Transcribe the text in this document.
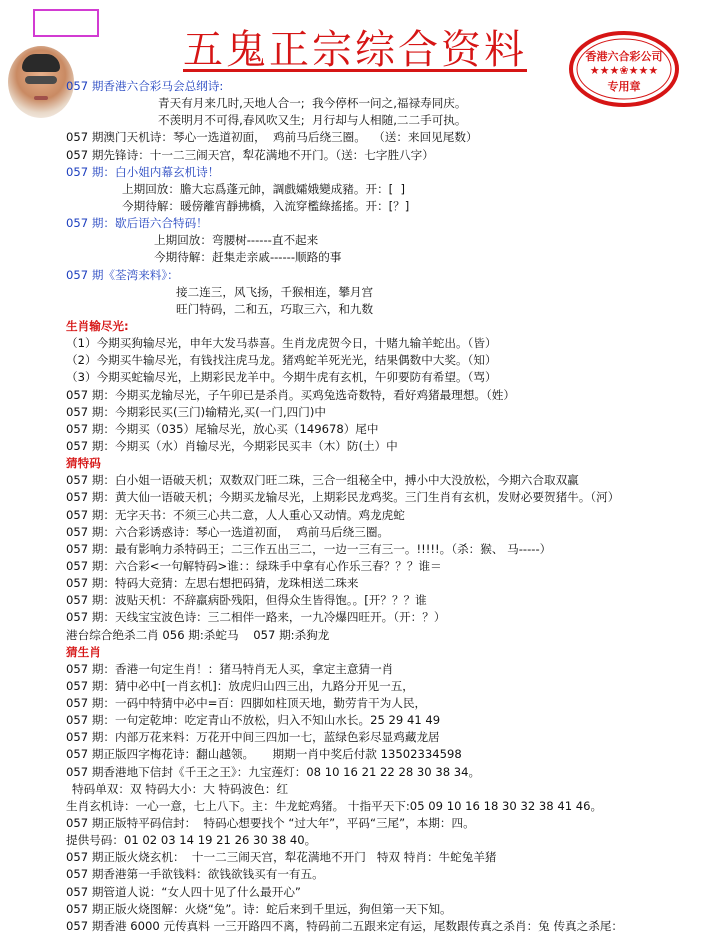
五鬼正宗综合资料	香港六合彩公司
★★★❀★★★
专用章
057 期香港六合彩马会总纲诗:
青天有月来几时,天地人合一;  我今停杯一问之,福禄寿同庆。
不羡明月不可得,春风吹又生;  月行却与人相随,二二手可执。
057 期澳门天机诗：琴心一选道初面，  鸡前马后绕三圈。  （送：来回见尾数）
057 期先锋诗：十一二三闹天宫，犁花满地不开门。（送：七字胜八字）
057 期：白小姐内幕玄机诗！
上期回放：膽大忘爲蓬元帥，調戲孀娥變成豬。开：[  ]
今期待解：暖傍離宵靜拂橋，入流穿檻綠搖搖。开：[？]
057 期：歇后语六合特码！
上期回放：弯腰树------直不起来
今期待解：赶集走亲戚------顺路的事
057 期《荃湾来料》：
接二连三，风飞扬，千猴相连，攀月宫
旺门特码，二和五，巧取三六，和九数
生肖输尽光:
（1）今期买狗输尽光，申年大发马恭喜。生肖龙虎贺今日，十赌九输羊蛇出。（皆）
（2）今期买牛输尽光，有钱找注虎马龙。猪鸡蛇羊死光光，结果偶数中大奖。（知）
（3）今期买蛇输尽光，上期彩民龙羊中。今期牛虎有玄机，午卯要防有希望。（骂）
057 期：今期买龙输尽光，子午卯已是杀肖。买鸡兔选奇数特，看好鸡猪最理想。（姓）
057 期：今期彩民买(三门)输精光,买(一门,四门)中
057 期：今期买（035）尾输尽光，放心买（149678）尾中
057 期：今期买（水）肖输尽光，今期彩民买丰（木）防(土）中
猜特码
057 期：白小姐一语破天机；双数双门旺二珠，三合一组秘全中，搏小中大没放松，今期六合取双赢
057 期：黄大仙一语破天机；今期买龙输尽光，上期彩民龙鸡奖。三门生肖有玄机，发财必要贺猪牛。（河）
057 期：无字天书：不须三心共二意，人人重心又动情。鸡龙虎蛇
057 期：六合彩诱惑诗：琴心一选道初面，  鸡前马后绕三圈。
057 期：最有影响力杀特码王；二三作五出三二，一边一三有三一。!!!!!。（杀：猴、 马-----）
057 期：六合彩<一句解特码>谁：：绿珠手中拿有心作乐三春？？？谁＝
057 期：特码大竞猜：左思右想把码猜，龙珠相送二珠来
057 期：波贴天机：不辞羸病卧残阳，但得众生皆得饱。。[开？？？谁
057 期：天线宝宝波色诗：三二相伴一路来，一九冷爆四旺开。（开：？）
港台综合绝杀二肖 056 期:杀蛇马    057 期:杀狗龙
猜生肖
057 期：香港一句定生肖！：猪马特肖无人买，拿定主意猜一肖
057 期：猜中必中[一肖玄机]：放虎归山四三出，九路分开见一五，
057 期：一码中特猜中必中=百：四脚如柱顶天地，勤劳肯干为人民，
057 期：一句定乾坤：吃定青山不放松，归入不知山水长。25 29 41 49
057 期：内部万花来料：万花开中间三四加一七，蓝绿色彩尽显鸡藏龙居
057 期正版四字梅花诗：翻山越领。     期期一肖中奖后付款 13502334598
057 期香港地下信封《千王之王》：九宝莲灯：08 10 16 21 22 28 30 38 34。
特码单双：双 特码大小：大 特码波色：红
生肖玄机诗：一心一意，七上八下。主：牛龙蛇鸡猪。 十指平天下:05 09 10 16 18 30 32 38 41 46。
057 期正版特平码信封：  特码心想要找个 “过大年”，平码“三尾”，本期：四。
提供号码：01 02 03 14 19 21 26 30 38 40。
057 期正版火烧玄机：  十一二三闹天宫，犁花满地不开门   特双 特肖：牛蛇兔羊猪
057 期香港第一手欲钱料：欲钱欲钱买有一有五。
057 期管道人说：“女人四十见了什么最开心”
057 期正版火烧图解：火烧“兔”。诗：蛇后来到千里远，狗但第一天下知。
057 期香港 6000 元传真料 一三开路四不离，特码前二五跟来定有运，尾数跟传真之杀肖：兔 传真之杀尾：
